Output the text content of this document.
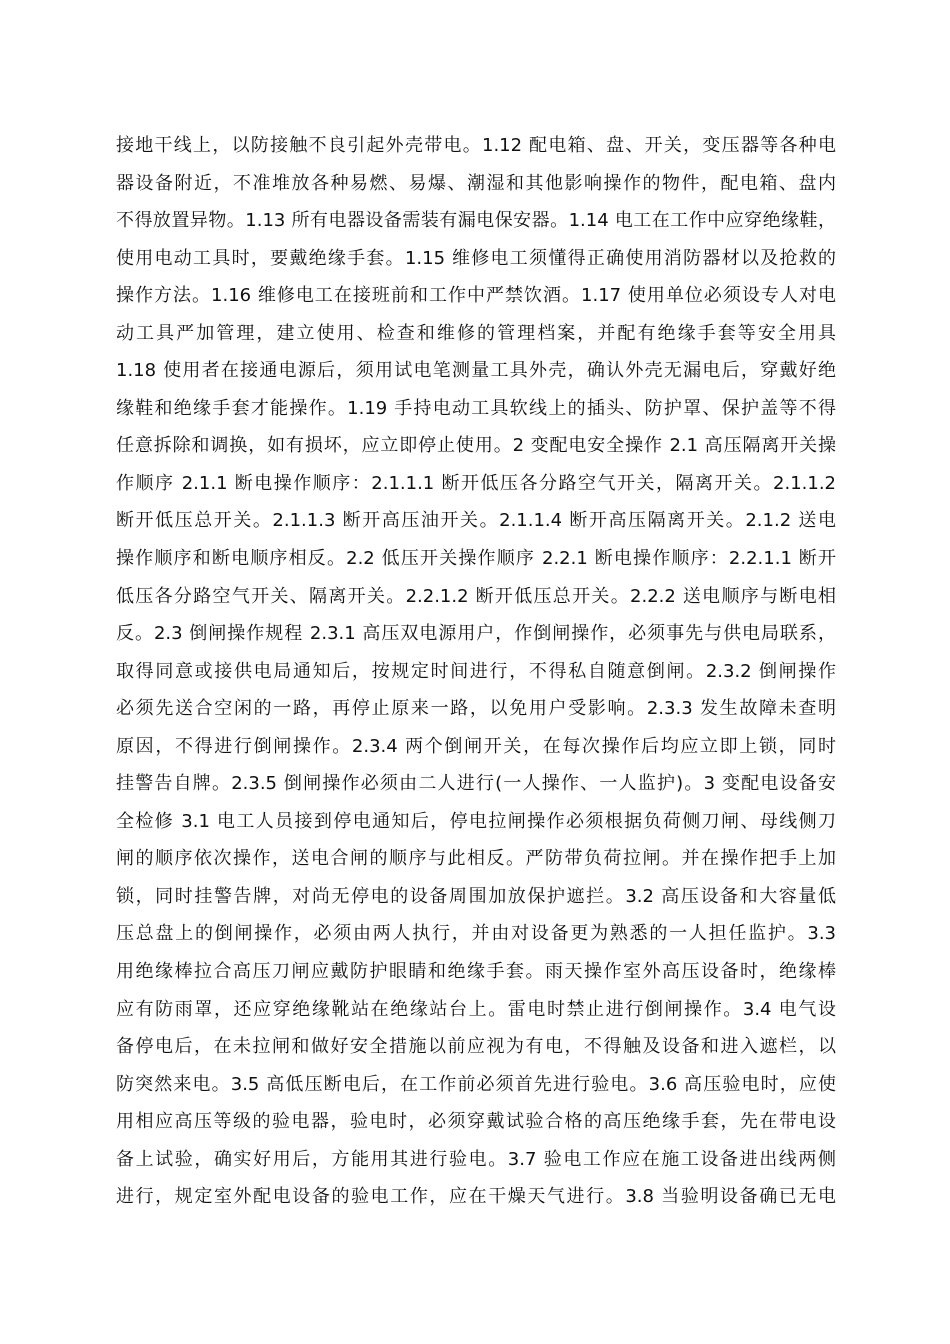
接地干线上，以防接触不良引起外壳带电。1.12 配电箱、盘、开关，变压器等各种电
器设备附近，不准堆放各种易燃、易爆、潮湿和其他影响操作的物件，配电箱、盘内
不得放置异物。1.13 所有电器设备需装有漏电保安器。1.14 电工在工作中应穿绝缘鞋，
使用电动工具时，要戴绝缘手套。1.15 维修电工须懂得正确使用消防器材以及抢救的
操作方法。1.16 维修电工在接班前和工作中严禁饮酒。1.17 使用单位必须设专人对电
动工具严加管理，建立使用、检查和维修的管理档案，并配有绝缘手套等安全用具
1.18 使用者在接通电源后，须用试电笔测量工具外壳，确认外壳无漏电后，穿戴好绝
缘鞋和绝缘手套才能操作。1.19 手持电动工具软线上的插头、防护罩、保护盖等不得
任意拆除和调换，如有损坏，应立即停止使用。2 变配电安全操作 2.1 高压隔离开关操
作顺序 2.1.1 断电操作顺序：2.1.1.1 断开低压各分路空气开关，隔离开关。2.1.1.2
断开低压总开关。2.1.1.3 断开高压油开关。2.1.1.4 断开高压隔离开关。2.1.2 送电
操作顺序和断电顺序相反。2.2 低压开关操作顺序 2.2.1 断电操作顺序：2.2.1.1 断开
低压各分路空气开关、隔离开关。2.2.1.2 断开低压总开关。2.2.2 送电顺序与断电相
反。2.3 倒闸操作规程 2.3.1 高压双电源用户，作倒闸操作，必须事先与供电局联系，
取得同意或接供电局通知后，按规定时间进行，不得私自随意倒闸。2.3.2 倒闸操作
必须先送合空闲的一路，再停止原来一路，以免用户受影响。2.3.3 发生故障未查明
原因，不得进行倒闸操作。2.3.4 两个倒闸开关，在每次操作后均应立即上锁，同时
挂警告自牌。2.3.5 倒闸操作必须由二人进行(一人操作、一人监护)。3 变配电设备安
全检修 3.1 电工人员接到停电通知后，停电拉闸操作必须根据负荷侧刀闸、母线侧刀
闸的顺序依次操作，送电合闸的顺序与此相反。严防带负荷拉闸。并在操作把手上加
锁，同时挂警告牌，对尚无停电的设备周围加放保护遮拦。3.2 高压设备和大容量低
压总盘上的倒闸操作，必须由两人执行，并由对设备更为熟悉的一人担任监护。3.3
用绝缘棒拉合高压刀闸应戴防护眼睛和绝缘手套。雨天操作室外高压设备时，绝缘棒
应有防雨罩，还应穿绝缘靴站在绝缘站台上。雷电时禁止进行倒闸操作。3.4 电气设
备停电后，在未拉闸和做好安全措施以前应视为有电，不得触及设备和进入遮栏，以
防突然来电。3.5 高低压断电后，在工作前必须首先进行验电。3.6 高压验电时，应使
用相应高压等级的验电器，验电时，必须穿戴试验合格的高压绝缘手套，先在带电设
备上试验，确实好用后，方能用其进行验电。3.7 验电工作应在施工设备进出线两侧
进行，规定室外配电设备的验电工作，应在干燥天气进行。3.8 当验明设备确已无电
